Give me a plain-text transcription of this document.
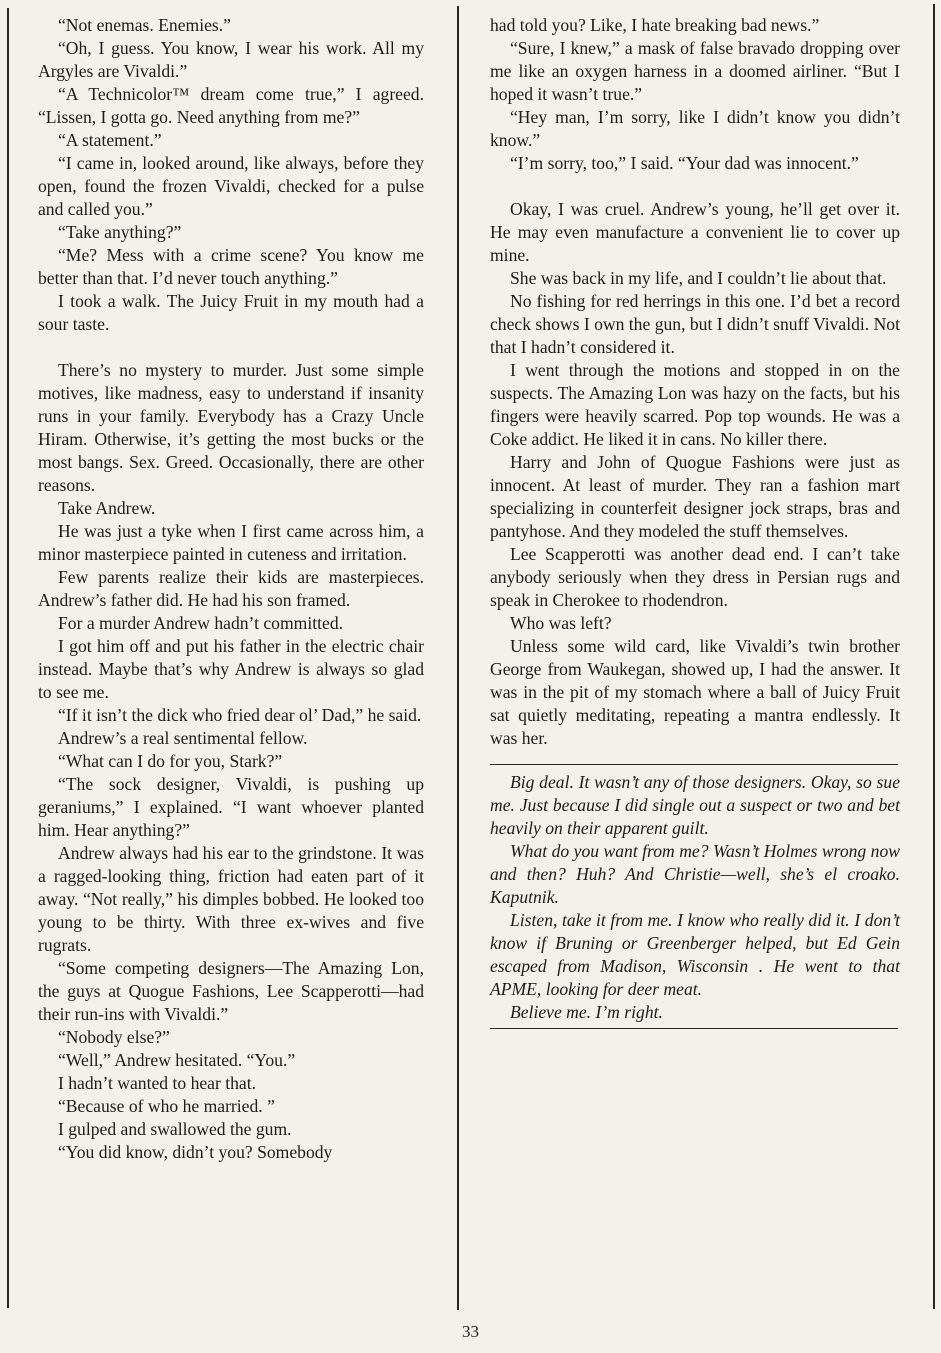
“Not enemas. Enemies.”

“Oh, I guess. You know, I wear his work. All my Argyles are Vivaldi.”

“A Technicolor™ dream come true,” I agreed. “Lissen, I gotta go. Need anything from me?”

“A statement.”

“I came in, looked around, like always, before they open, found the frozen Vivaldi, checked for a pulse and called you.”

“Take anything?”

“Me? Mess with a crime scene? You know me better than that. I’d never touch anything.”

I took a walk. The Juicy Fruit in my mouth had a sour taste.

There’s no mystery to murder. Just some simple motives, like madness, easy to understand if insanity runs in your family. Everybody has a Crazy Uncle Hiram. Otherwise, it’s getting the most bucks or the most bangs. Sex. Greed. Occasionally, there are other reasons.

Take Andrew.

He was just a tyke when I first came across him, a minor masterpiece painted in cuteness and irritation.

Few parents realize their kids are masterpieces. Andrew’s father did. He had his son framed.

For a murder Andrew hadn’t committed.

I got him off and put his father in the electric chair instead. Maybe that’s why Andrew is always so glad to see me.

“If it isn’t the dick who fried dear ol’ Dad,” he said.

Andrew’s a real sentimental fellow.

“What can I do for you, Stark?”

“The sock designer, Vivaldi, is pushing up geraniums,” I explained. “I want whoever planted him. Hear anything?”

Andrew always had his ear to the grindstone. It was a ragged-looking thing, friction had eaten part of it away. “Not really,” his dimples bobbed. He looked too young to be thirty. With three ex-wives and five rugrats.

“Some competing designers—The Amazing Lon, the guys at Quogue Fashions, Lee Scapperotti—had their run-ins with Vivaldi.”

“Nobody else?”

“Well,” Andrew hesitated. “You.”

I hadn’t wanted to hear that.

“Because of who he married. ”

I gulped and swallowed the gum.

“You did know, didn’t you? Somebody

had told you? Like, I hate breaking bad news.”

“Sure, I knew,” a mask of false bravado dropping over me like an oxygen harness in a doomed airliner. “But I hoped it wasn’t true.”

“Hey man, I’m sorry, like I didn’t know you didn’t know.”

“I’m sorry, too,” I said. “Your dad was innocent.”

Okay, I was cruel. Andrew’s young, he’ll get over it. He may even manufacture a convenient lie to cover up mine.

She was back in my life, and I couldn’t lie about that.

No fishing for red herrings in this one. I’d bet a record check shows I own the gun, but I didn’t snuff Vivaldi. Not that I hadn’t considered it.

I went through the motions and stopped in on the suspects. The Amazing Lon was hazy on the facts, but his fingers were heavily scarred. Pop top wounds. He was a Coke addict. He liked it in cans. No killer there.

Harry and John of Quogue Fashions were just as innocent. At least of murder. They ran a fashion mart specializing in counterfeit designer jock straps, bras and pantyhose. And they modeled the stuff themselves.

Lee Scapperotti was another dead end. I can’t take anybody seriously when they dress in Persian rugs and speak in Cherokee to rhodendron.

Who was left?

Unless some wild card, like Vivaldi’s twin brother George from Waukegan, showed up, I had the answer. It was in the pit of my stomach where a ball of Juicy Fruit sat quietly meditating, repeating a mantra endlessly. It was her.

Big deal. It wasn’t any of those designers. Okay, so sue me. Just because I did single out a suspect or two and bet heavily on their apparent guilt.

What do you want from me? Wasn’t Holmes wrong now and then? Huh? And Christie—well, she’s el croako. Kaputnik.

Listen, take it from me. I know who really did it. I don’t know if Bruning or Greenberger helped, but Ed Gein escaped from Madison, Wisconsin . He went to that APME, looking for deer meat.

Believe me. I’m right.

33
